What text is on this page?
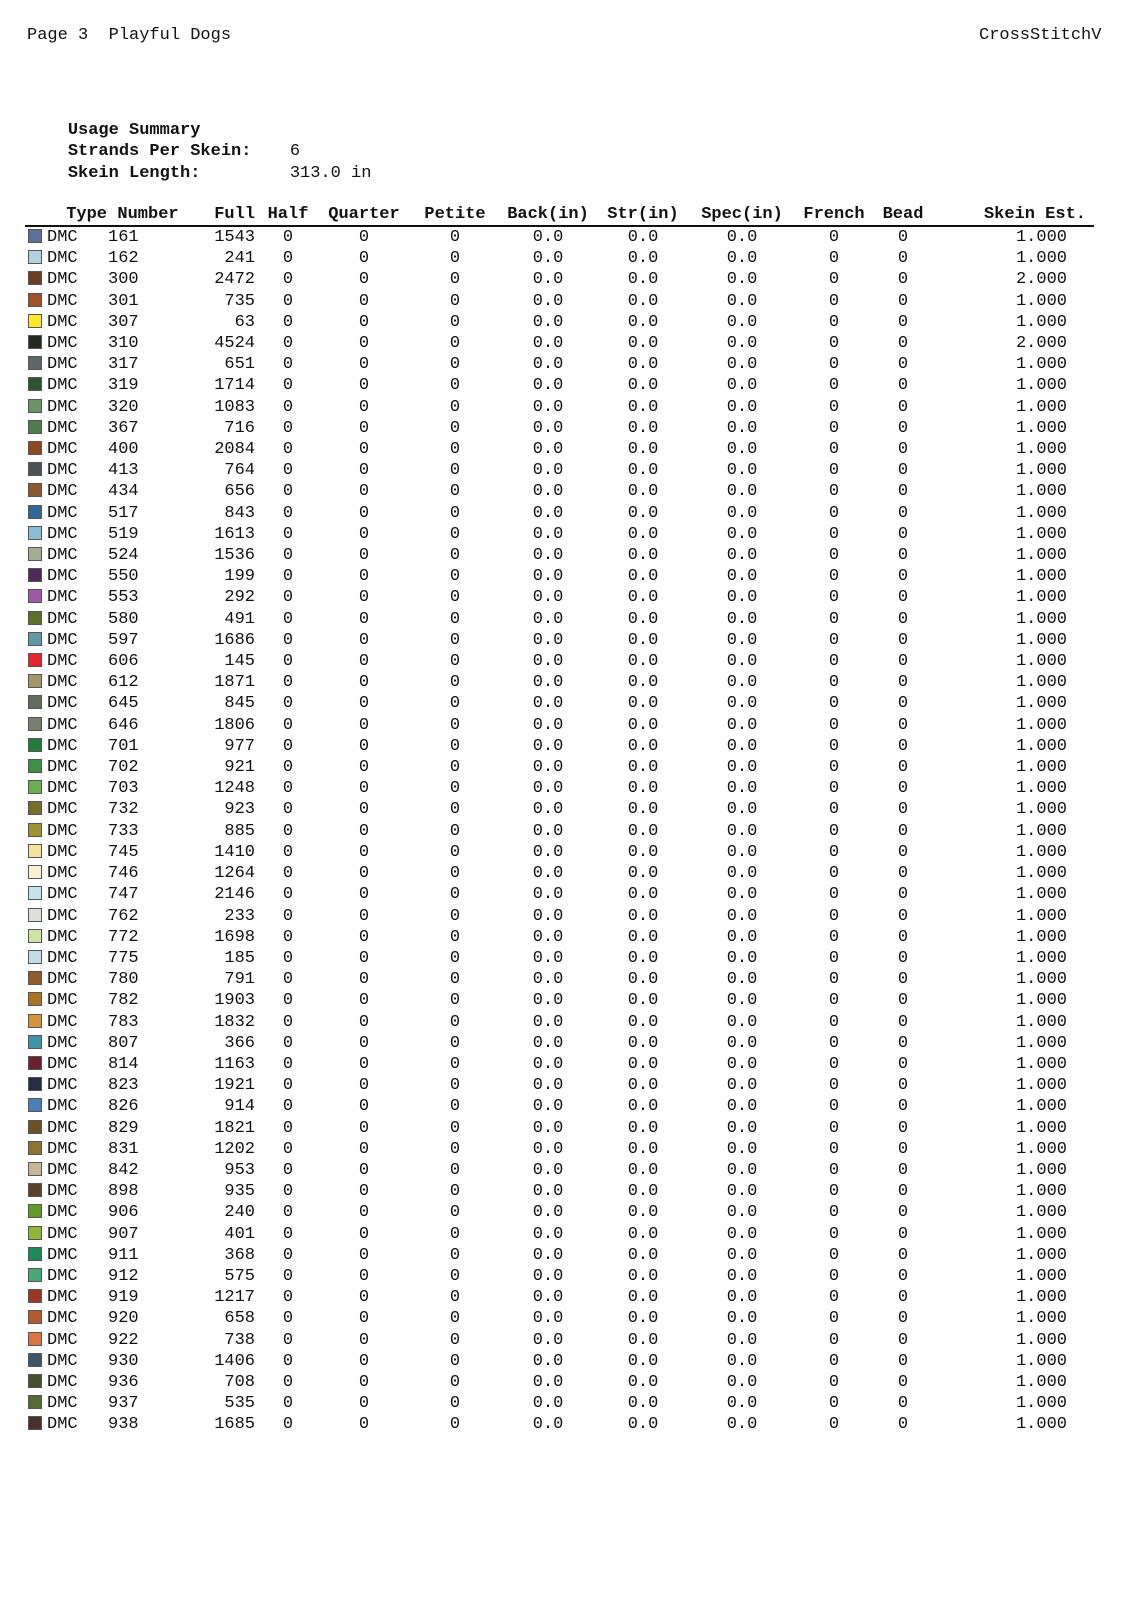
Page 3  Playful Dogs	CrossStitchV

Usage Summary

Strands Per Skein: 6

Skein Length:	313.0 in

	Type	Number	Full	Half	Quarter	Petite	Back(in)	Str(in)	Spec(in)	French	Bead	Skein Est.
	DMC	161	1543	0	0	0	0.0	0.0	0.0	0	0	1.000
	DMC	162	241	0	0	0	0.0	0.0	0.0	0	0	1.000
	DMC	300	2472	0	0	0	0.0	0.0	0.0	0	0	2.000
	DMC	301	735	0	0	0	0.0	0.0	0.0	0	0	1.000
	DMC	307	63	0	0	0	0.0	0.0	0.0	0	0	1.000
	DMC	310	4524	0	0	0	0.0	0.0	0.0	0	0	2.000
	DMC	317	651	0	0	0	0.0	0.0	0.0	0	0	1.000
	DMC	319	1714	0	0	0	0.0	0.0	0.0	0	0	1.000
	DMC	320	1083	0	0	0	0.0	0.0	0.0	0	0	1.000
	DMC	367	716	0	0	0	0.0	0.0	0.0	0	0	1.000
	DMC	400	2084	0	0	0	0.0	0.0	0.0	0	0	1.000
	DMC	413	764	0	0	0	0.0	0.0	0.0	0	0	1.000
	DMC	434	656	0	0	0	0.0	0.0	0.0	0	0	1.000
	DMC	517	843	0	0	0	0.0	0.0	0.0	0	0	1.000
	DMC	519	1613	0	0	0	0.0	0.0	0.0	0	0	1.000
	DMC	524	1536	0	0	0	0.0	0.0	0.0	0	0	1.000
	DMC	550	199	0	0	0	0.0	0.0	0.0	0	0	1.000
	DMC	553	292	0	0	0	0.0	0.0	0.0	0	0	1.000
	DMC	580	491	0	0	0	0.0	0.0	0.0	0	0	1.000
	DMC	597	1686	0	0	0	0.0	0.0	0.0	0	0	1.000
	DMC	606	145	0	0	0	0.0	0.0	0.0	0	0	1.000
	DMC	612	1871	0	0	0	0.0	0.0	0.0	0	0	1.000
	DMC	645	845	0	0	0	0.0	0.0	0.0	0	0	1.000
	DMC	646	1806	0	0	0	0.0	0.0	0.0	0	0	1.000
	DMC	701	977	0	0	0	0.0	0.0	0.0	0	0	1.000
	DMC	702	921	0	0	0	0.0	0.0	0.0	0	0	1.000
	DMC	703	1248	0	0	0	0.0	0.0	0.0	0	0	1.000
	DMC	732	923	0	0	0	0.0	0.0	0.0	0	0	1.000
	DMC	733	885	0	0	0	0.0	0.0	0.0	0	0	1.000
	DMC	745	1410	0	0	0	0.0	0.0	0.0	0	0	1.000
	DMC	746	1264	0	0	0	0.0	0.0	0.0	0	0	1.000
	DMC	747	2146	0	0	0	0.0	0.0	0.0	0	0	1.000
	DMC	762	233	0	0	0	0.0	0.0	0.0	0	0	1.000
	DMC	772	1698	0	0	0	0.0	0.0	0.0	0	0	1.000
	DMC	775	185	0	0	0	0.0	0.0	0.0	0	0	1.000
	DMC	780	791	0	0	0	0.0	0.0	0.0	0	0	1.000
	DMC	782	1903	0	0	0	0.0	0.0	0.0	0	0	1.000
	DMC	783	1832	0	0	0	0.0	0.0	0.0	0	0	1.000
	DMC	807	366	0	0	0	0.0	0.0	0.0	0	0	1.000
	DMC	814	1163	0	0	0	0.0	0.0	0.0	0	0	1.000
	DMC	823	1921	0	0	0	0.0	0.0	0.0	0	0	1.000
	DMC	826	914	0	0	0	0.0	0.0	0.0	0	0	1.000
	DMC	829	1821	0	0	0	0.0	0.0	0.0	0	0	1.000
	DMC	831	1202	0	0	0	0.0	0.0	0.0	0	0	1.000
	DMC	842	953	0	0	0	0.0	0.0	0.0	0	0	1.000
	DMC	898	935	0	0	0	0.0	0.0	0.0	0	0	1.000
	DMC	906	240	0	0	0	0.0	0.0	0.0	0	0	1.000
	DMC	907	401	0	0	0	0.0	0.0	0.0	0	0	1.000
	DMC	911	368	0	0	0	0.0	0.0	0.0	0	0	1.000
	DMC	912	575	0	0	0	0.0	0.0	0.0	0	0	1.000
	DMC	919	1217	0	0	0	0.0	0.0	0.0	0	0	1.000
	DMC	920	658	0	0	0	0.0	0.0	0.0	0	0	1.000
	DMC	922	738	0	0	0	0.0	0.0	0.0	0	0	1.000
	DMC	930	1406	0	0	0	0.0	0.0	0.0	0	0	1.000
	DMC	936	708	0	0	0	0.0	0.0	0.0	0	0	1.000
	DMC	937	535	0	0	0	0.0	0.0	0.0	0	0	1.000
	DMC	938	1685	0	0	0	0.0	0.0	0.0	0	0	1.000
